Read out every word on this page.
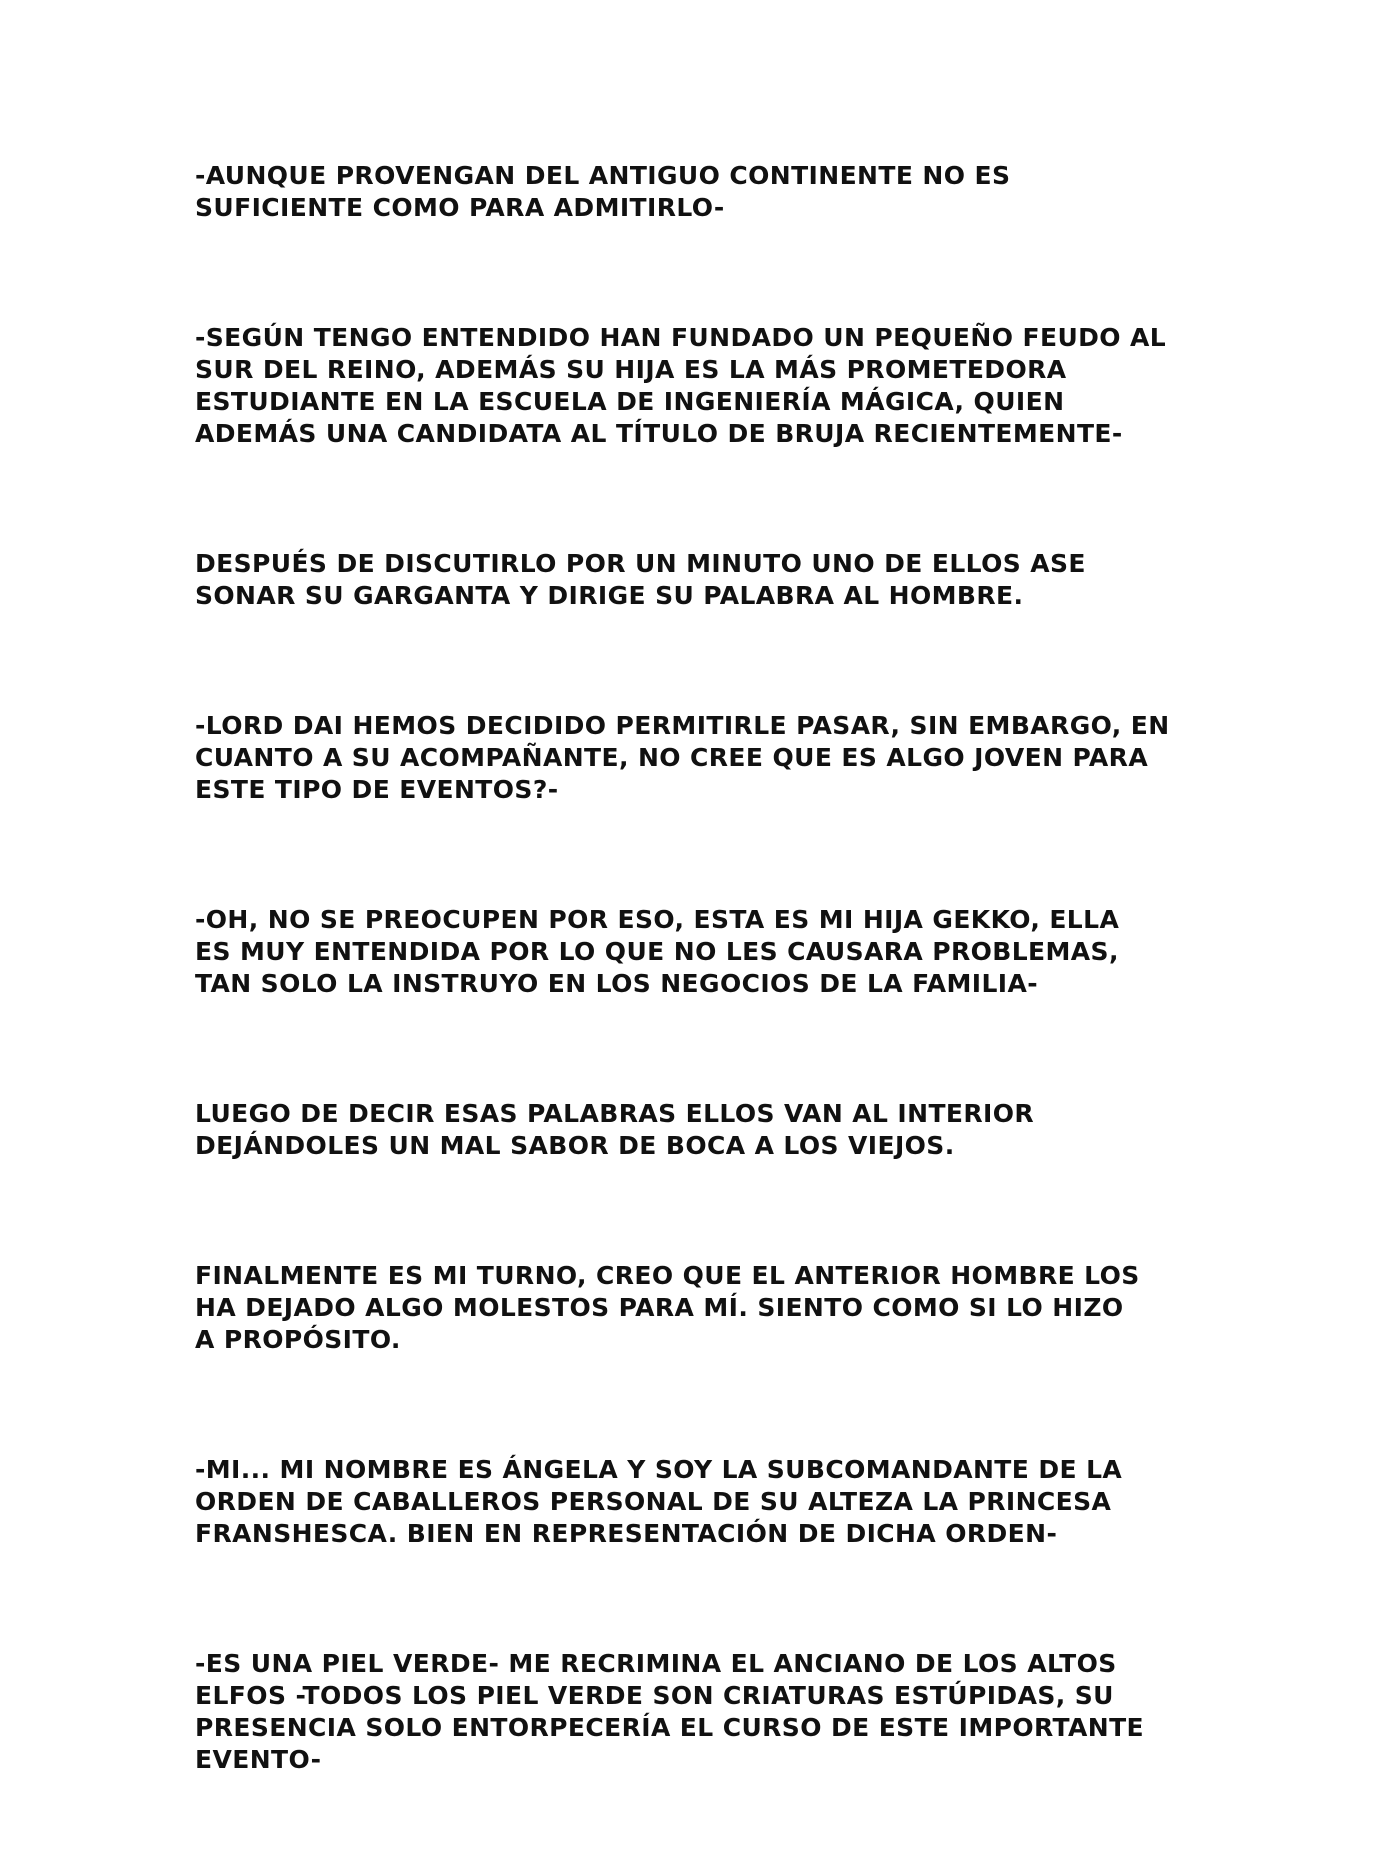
-AUNQUE PROVENGAN DEL ANTIGUO CONTINENTE NO ES
SUFICIENTE COMO PARA ADMITIRLO-

-SEGÚN TENGO ENTENDIDO HAN FUNDADO UN PEQUEÑO FEUDO AL
SUR DEL REINO, ADEMÁS SU HIJA ES LA MÁS PROMETEDORA
ESTUDIANTE EN LA ESCUELA DE INGENIERÍA MÁGICA, QUIEN
ADEMÁS UNA CANDIDATA AL TÍTULO DE BRUJA RECIENTEMENTE-

DESPUÉS DE DISCUTIRLO POR UN MINUTO UNO DE ELLOS ASE
SONAR SU GARGANTA Y DIRIGE SU PALABRA AL HOMBRE.

-LORD DAI HEMOS DECIDIDO PERMITIRLE PASAR, SIN EMBARGO, EN
CUANTO A SU ACOMPAÑANTE, NO CREE QUE ES ALGO JOVEN PARA
ESTE TIPO DE EVENTOS?-

-OH, NO SE PREOCUPEN POR ESO, ESTA ES MI HIJA GEKKO, ELLA
ES MUY ENTENDIDA POR LO QUE NO LES CAUSARA PROBLEMAS,
TAN SOLO LA INSTRUYO EN LOS NEGOCIOS DE LA FAMILIA-

LUEGO DE DECIR ESAS PALABRAS ELLOS VAN AL INTERIOR
DEJÁNDOLES UN MAL SABOR DE BOCA A LOS VIEJOS.

FINALMENTE ES MI TURNO, CREO QUE EL ANTERIOR HOMBRE LOS
HA DEJADO ALGO MOLESTOS PARA MÍ. SIENTO COMO SI LO HIZO
A PROPÓSITO.

-MI... MI NOMBRE ES ÁNGELA Y SOY LA SUBCOMANDANTE DE LA
ORDEN DE CABALLEROS PERSONAL DE SU ALTEZA LA PRINCESA
FRANSHESCA. BIEN EN REPRESENTACIÓN DE DICHA ORDEN-

-ES UNA PIEL VERDE- ME RECRIMINA EL ANCIANO DE LOS ALTOS
ELFOS -TODOS LOS PIEL VERDE SON CRIATURAS ESTÚPIDAS, SU
PRESENCIA SOLO ENTORPECERÍA EL CURSO DE ESTE IMPORTANTE
EVENTO-
